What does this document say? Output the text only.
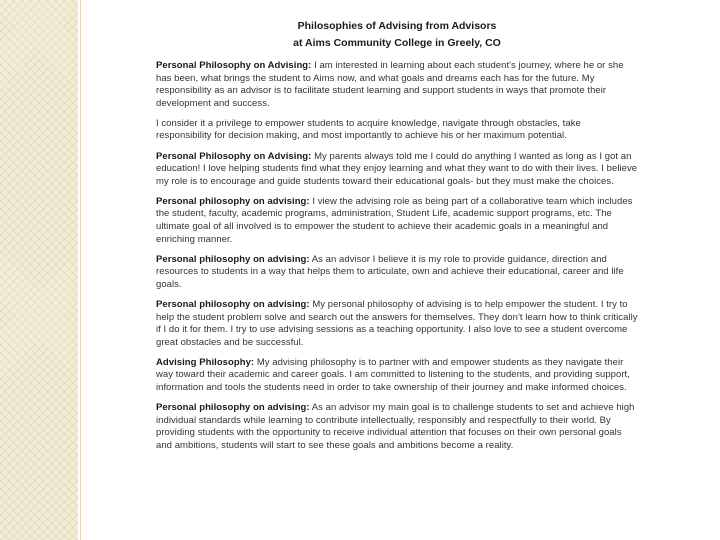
Philosophies of Advising from Advisors
at Aims Community College in Greely, CO

Personal Philosophy on Advising: I am interested in learning about each student's journey, where he or she has been, what brings the student to Aims now, and what goals and dreams each has for the future. My responsibility as an advisor is to facilitate student learning and support students in ways that promote their development and success.

I consider it a privilege to empower students to acquire knowledge, navigate through obstacles, take responsibility for decision making, and most importantly to achieve his or her maximum potential.

Personal Philosophy on Advising: My parents always told me I could do anything I wanted as long as I got an education! I love helping students find what they enjoy learning and what they want to do with their lives. I believe my role is to encourage and guide students toward their educational goals- but they must make the choices.

Personal philosophy on advising: I view the advising role as being part of a collaborative team which includes the student, faculty, academic programs, administration, Student Life, academic support programs, etc. The ultimate goal of all involved is to empower the student to achieve their academic goals in a meaningful and enriching manner.

Personal philosophy on advising: As an advisor I believe it is my role to provide guidance, direction and resources to students in a way that helps them to articulate, own and achieve their educational, career and life goals.

Personal philosophy on advising: My personal philosophy of advising is to help empower the student. I try to help the student problem solve and search out the answers for themselves. They don't learn how to think critically if I do it for them. I try to use advising sessions as a teaching opportunity. I also love to see a student overcome great obstacles and be successful.

Advising Philosophy: My advising philosophy is to partner with and empower students as they navigate their way toward their academic and career goals. I am committed to listening to the students, and providing support, information and tools the students need in order to take ownership of their journey and make informed choices.

Personal philosophy on advising: As an advisor my main goal is to challenge students to set and achieve high individual standards while learning to contribute intellectually, responsibly and respectfully to their world. By providing students with the opportunity to receive individual attention that focuses on their own personal goals and ambitions, students will start to see these goals and ambitions become a reality.
